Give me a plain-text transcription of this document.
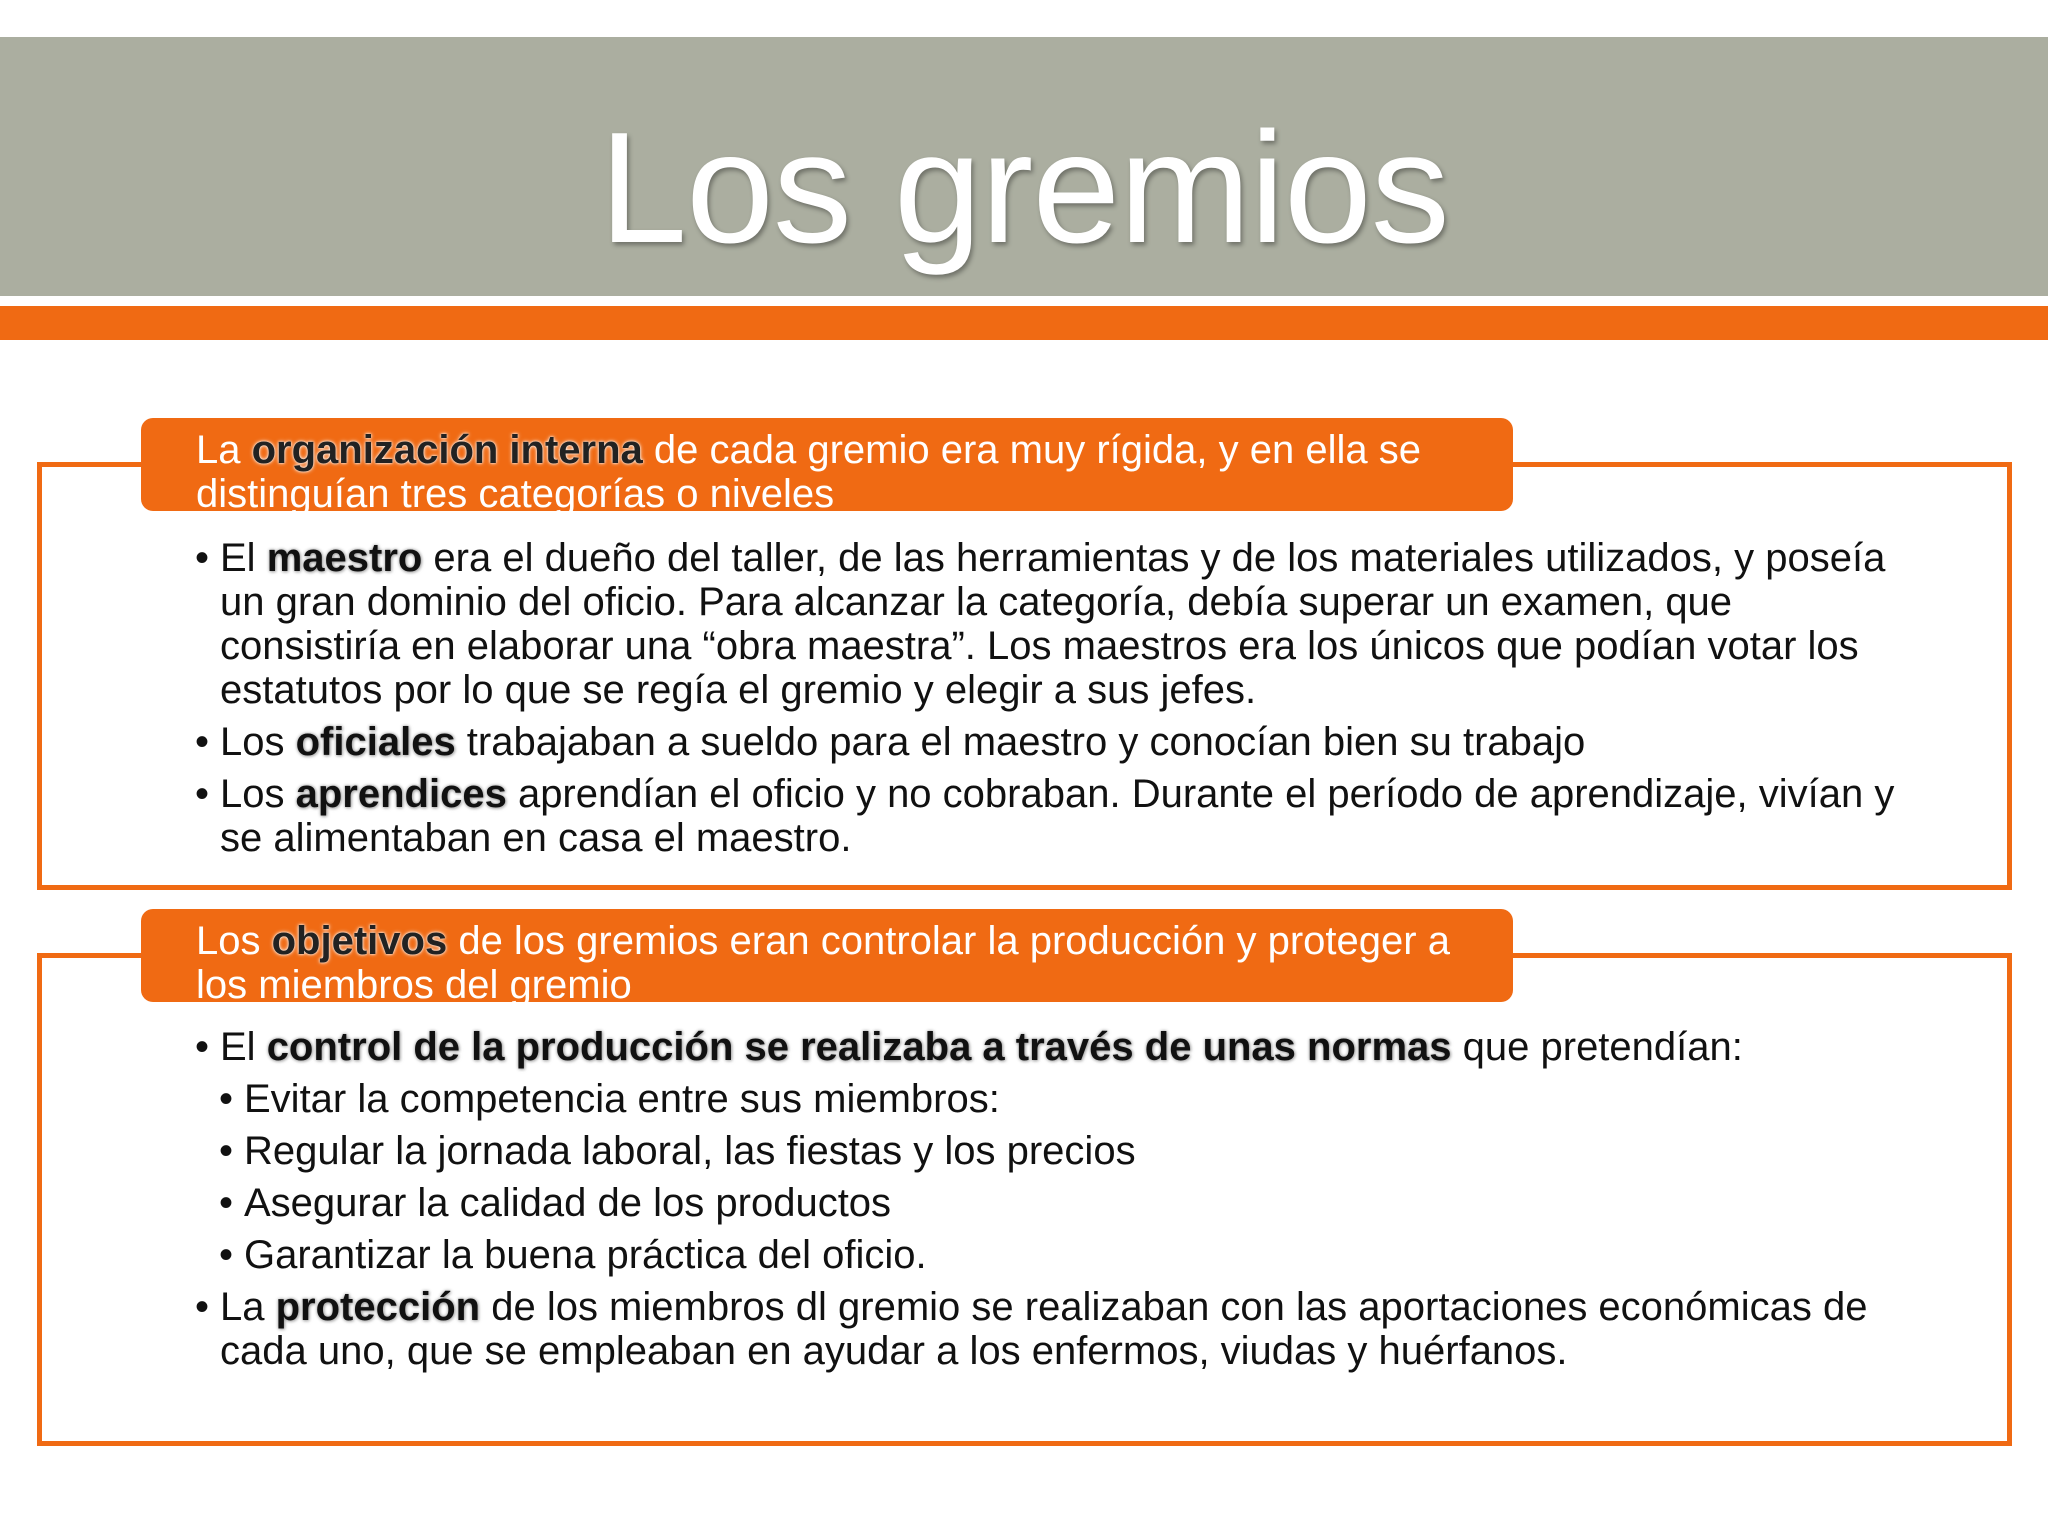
Los gremios
La organización interna de cada gremio era muy rígida, y en ella se distinguían tres categorías o niveles
• El maestro era el dueño del taller, de las herramientas y de los materiales utilizados, y poseía un gran dominio del oficio. Para alcanzar la categoría, debía superar un examen, que consistiría en elaborar una “obra maestra”. Los maestros era los únicos que podían votar los estatutos por lo que se regía el gremio y elegir a sus jefes.
• Los oficiales trabajaban a sueldo para el maestro y conocían bien su trabajo
• Los aprendices aprendían el oficio y no cobraban. Durante el período de aprendizaje, vivían y se alimentaban en casa el maestro.
Los objetivos de los gremios eran controlar la producción y proteger a los miembros del gremio
• El control de la producción se realizaba a través de unas normas que pretendían:
• Evitar la competencia entre sus miembros:
• Regular la jornada laboral, las fiestas y los precios
• Asegurar la calidad de los productos
• Garantizar la buena práctica del oficio.
• La protección de los miembros dl gremio se realizaban con las aportaciones económicas de cada uno, que se empleaban en ayudar a los enfermos, viudas y huérfanos.
